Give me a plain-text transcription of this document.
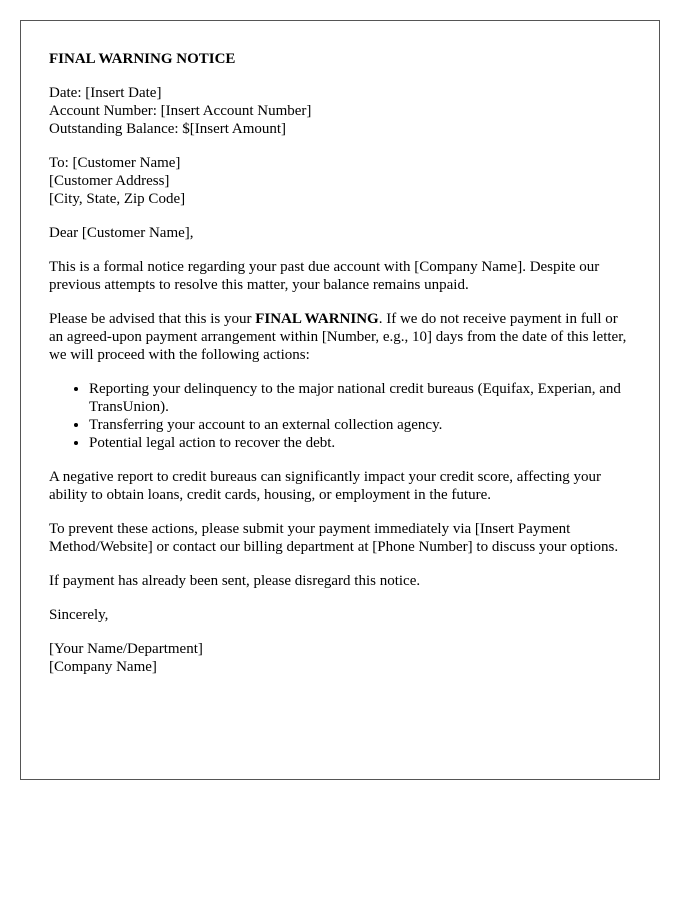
FINAL WARNING NOTICE

Date: [Insert Date]
Account Number: [Insert Account Number]
Outstanding Balance: $[Insert Amount]

To: [Customer Name]
[Customer Address]
[City, State, Zip Code]

Dear [Customer Name],

This is a formal notice regarding your past due account with [Company Name]. Despite our previous attempts to resolve this matter, your balance remains unpaid.

Please be advised that this is your FINAL WARNING. If we do not receive payment in full or an agreed-upon payment arrangement within [Number, e.g., 10] days from the date of this letter, we will proceed with the following actions:

• Reporting your delinquency to the major national credit bureaus (Equifax, Experian, and TransUnion).
• Transferring your account to an external collection agency.
• Potential legal action to recover the debt.

A negative report to credit bureaus can significantly impact your credit score, affecting your ability to obtain loans, credit cards, housing, or employment in the future.

To prevent these actions, please submit your payment immediately via [Insert Payment Method/Website] or contact our billing department at [Phone Number] to discuss your options.

If payment has already been sent, please disregard this notice.

Sincerely,

[Your Name/Department]
[Company Name]
